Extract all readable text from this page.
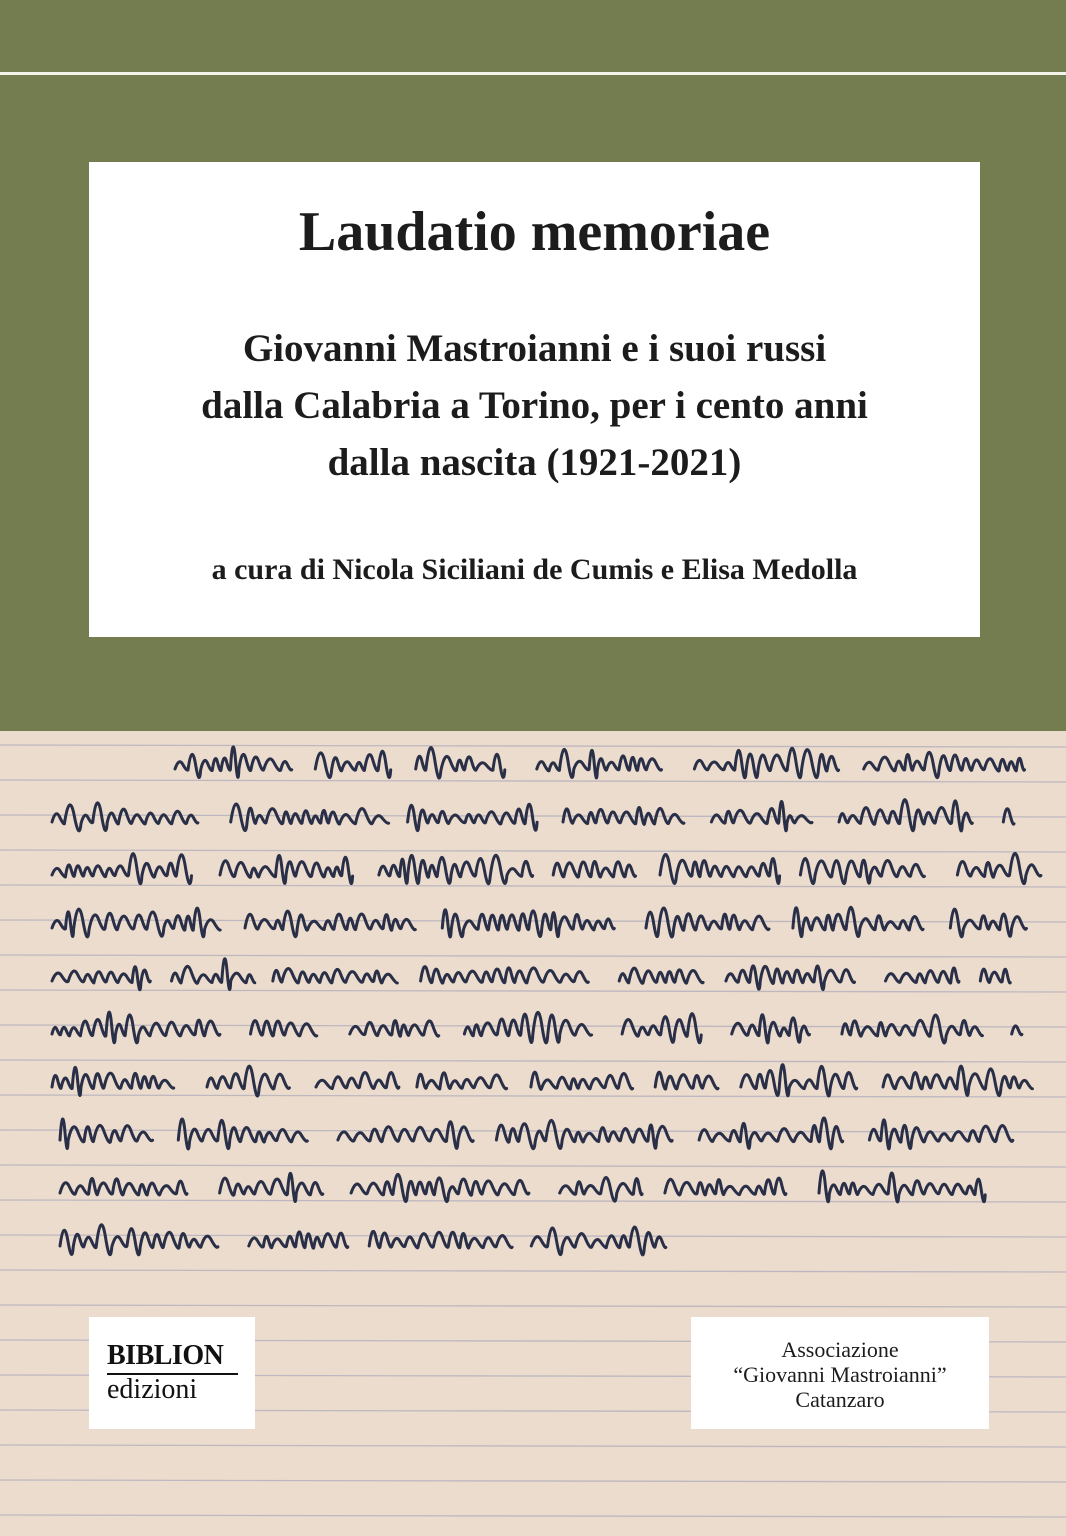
Laudatio memoriae
Giovanni Mastroianni e i suoi russi
dalla Calabria a Torino, per i cento anni
dalla nascita (1921-2021)
a cura di Nicola Siciliani de Cumis e Elisa Medolla
BIBLION
edizioni
Associazione
“Giovanni Mastroianni”
Catanzaro
